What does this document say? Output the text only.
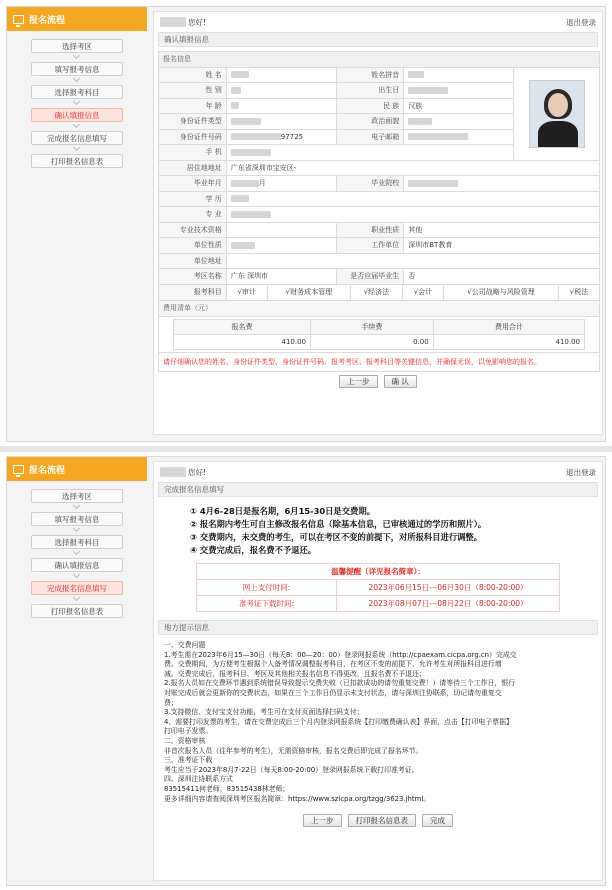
报名流程
选择考区
填写报考信息
选择报考科目
确认填报信息
完成报名信息填写
打印报名信息表
您好!	退出登录
确认填报信息
报名信息
姓 名		姓名拼音		

性 别		出生日	
年 龄		民 族	汉族
身份证件类型		政治面貌	
身份证件号码	97725	电子邮箱	
手 机	
居住地地址	广东省深圳市宝安区-
毕业年月	月	毕业院校	
学 历	
专 业	
专业技术资格		职业性质	其他
单位性质		工作单位	深圳市BT教育
单位地址	
考区名称	广东 深圳市	是否应届毕业生	否
报考科目	√审计	√财务成本管理	√经济法	√会计	√公司战略与风险管理	√税法

费用清单（元）

报名费	手续费	费用合计
410.00	0.00	410.00

请仔细确认您的姓名、身份证件类型、身份证件号码、报考考区、报考科目等关键信息，并确保无误，以免影响您的报名。
上一步	确 认
报名流程
选择考区
填写报考信息
选择报考科目
确认填报信息
完成报名信息填写
打印报名信息表
您好!	退出登录
完成报名信息填写

① 4月6-28日是报名期，6月15-30日是交费期。

② 报名期内考生可自主修改报名信息（除基本信息，已审核通过的学历和照片）。

③ 交费期内，未交费的考生，可以在考区不变的前提下，对所报科目进行调整。

④ 交费完成后，报名费不予退还。

温馨提醒（详见报名简章）：	
网上支付时间:	2023年06月15日---06月30日（8:00-20:00）
准考证下载时间:	2023年08月07日---08月22日（8:00-20:00）
地方提示信息
一、交费问题
1.考生需在2023年6月15—30日（每天8：00—20：00）登录网报系统（http://cpaexam.cicpa.org.cn）完成交
费。交费期间，为方便考生根据个人备考情况调整报考科目，在考区不变的前提下，允许考生对所报科目进行增
减。交费完成后，报考科目、考区及其他相关报名信息不得更改，且报名费不予退还；
2.报名人员如在交费环节遇到系统错误导致提示交费失败（已扣款成功的请勿重复交费！）请等待三个工作日，银行
对账完成后就会更新你的交费状态，如果在三个工作日仍显示未支付状态，请与深圳注协联系，切记请勿重复交
费；
3.支持微信、支付宝支付功能，考生可在支付页面选择扫码支付；
4、需要打印发票的考生，请在交费完成后三个月内登录网报系统【打印缴费确认表】界面，点击【打印电子票据】
打印电子发票。
二、资格审核
非首次报名人员（往年参考的考生），无需资格审核，报名交费后即完成了报名环节。
三、准考证下载
考生应当于2023年8月7-22日（每天8:00-20:00）登录网报系统下载打印准考证。
四、深圳注协联系方式
83515411何老师，83515438林老师；
更多详细内容请查阅深圳考区报名简章：https://www.szicpa.org/tzgg/3623.jhtml。
上一步	打印报名信息表	完成
